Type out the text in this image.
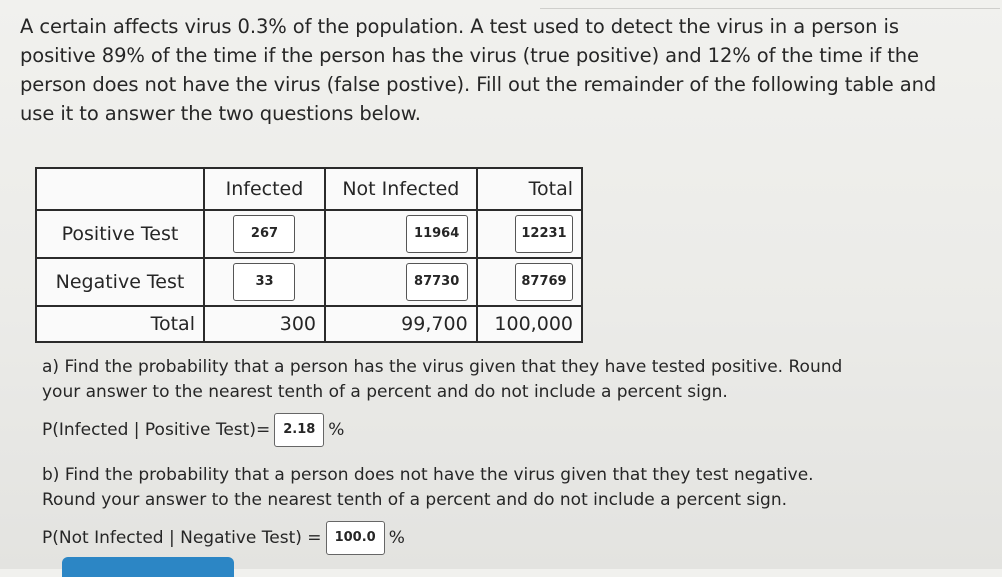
A certain affects virus 0.3% of the population. A test used to detect the virus in a person is
positive 89% of the time if the person has the virus (true positive) and 12% of the time if the
person does not have the virus (false postive). Fill out the remainder of the following table and
use it to answer the two questions below.
	Infected	Not Infected	Total
Positive Test	267	11964	12231
Negative Test	33	87730	87769
Total	300	99,700	100,000
a) Find the probability that a person has the virus given that they have tested positive. Round
your answer to the nearest tenth of a percent and do not include a percent sign.
P(Infected | Positive Test)=	2.18 %
b) Find the probability that a person does not have the virus given that they test negative.
Round your answer to the nearest tenth of a percent and do not include a percent sign.
P(Not Infected | Negative Test) =	100.0 %
